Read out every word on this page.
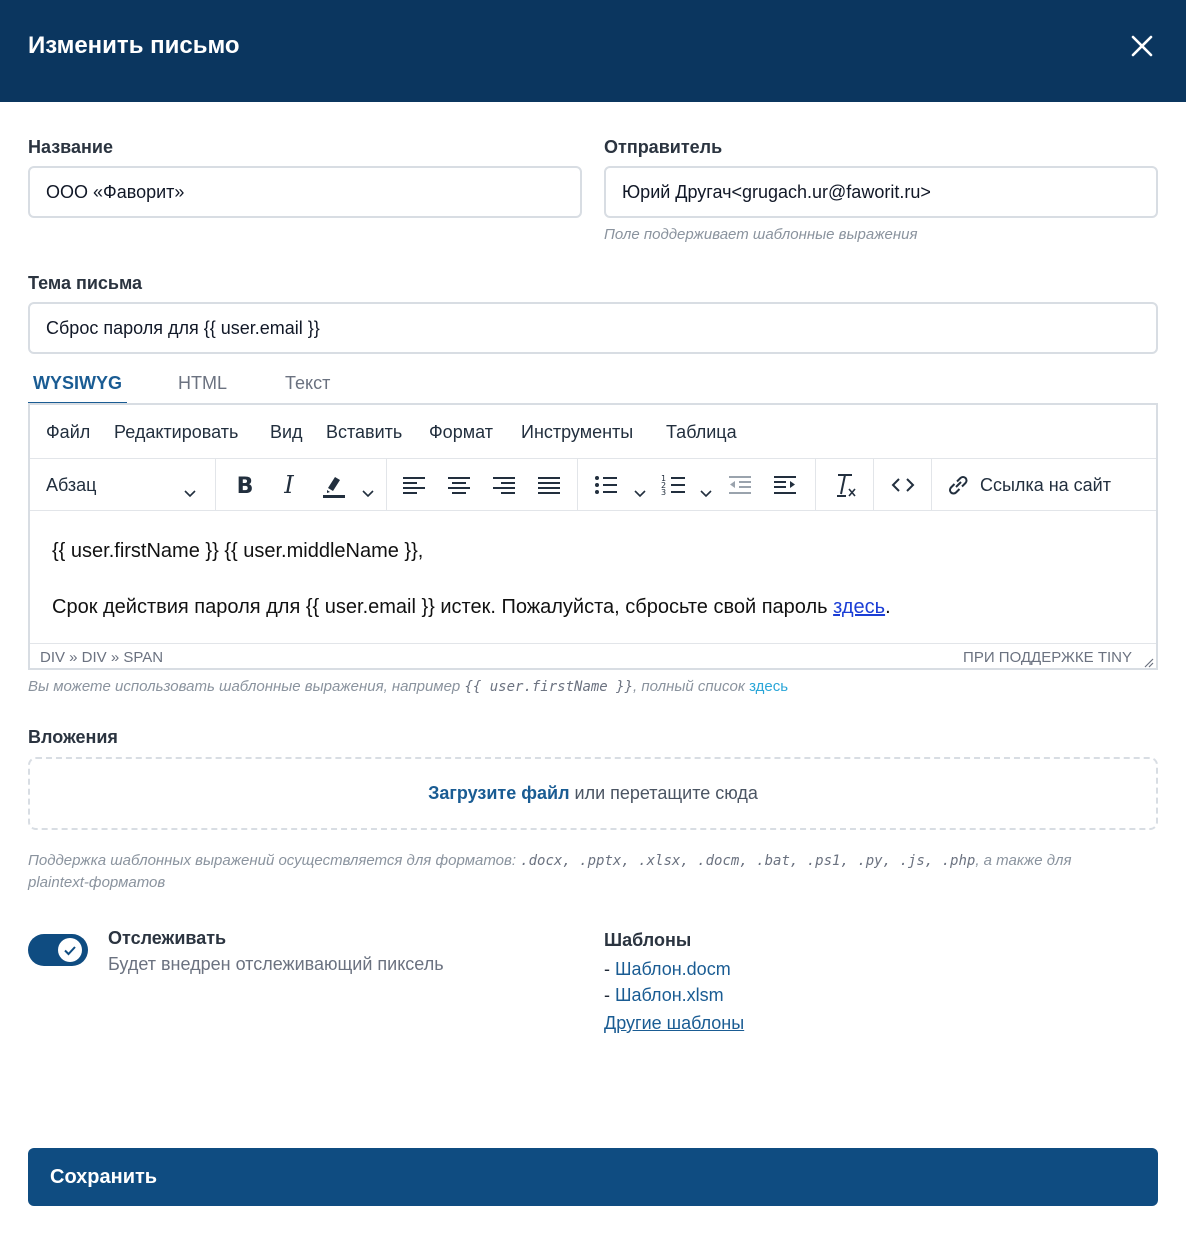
Изменить письмо
Название
ООО «Фаворит»
Отправитель
Юрий Другач<grugach.ur@faworit.ru>
Поле поддерживает шаблонные выражения
Тема письма
Сброс пароля для {{ user.email }}
WYSIWYG	HTML	Текст
Файл Редактировать Вид Вставить Формат Инструменты Таблица
Абзац	B I	1
2
3	Ссылка на сайт

{{ user.firstName }} {{ user.middleName }},

Срок действия пароля для {{ user.email }} истек. Пожалуйста, сбросьте свой пароль здесь.

DIV » DIV » SPAN	ПРИ ПОДДЕРЖКЕ TINY
Вы можете использовать шаблонные выражения, например {{ user.firstName }}, полный список здесь
Вложения
Загрузите файл или перетащите сюда
Поддержка шаблонных выражений осуществляется для форматов: .docx, .pptx, .xlsx, .docm, .bat, .ps1, .py, .js, .php, а также для
plaintext-форматов
Отслеживать
Будет внедрен отслеживающий пиксель
Шаблоны
- Шаблон.docm
- Шаблон.xlsm
Другие шаблоны
Сохранить
